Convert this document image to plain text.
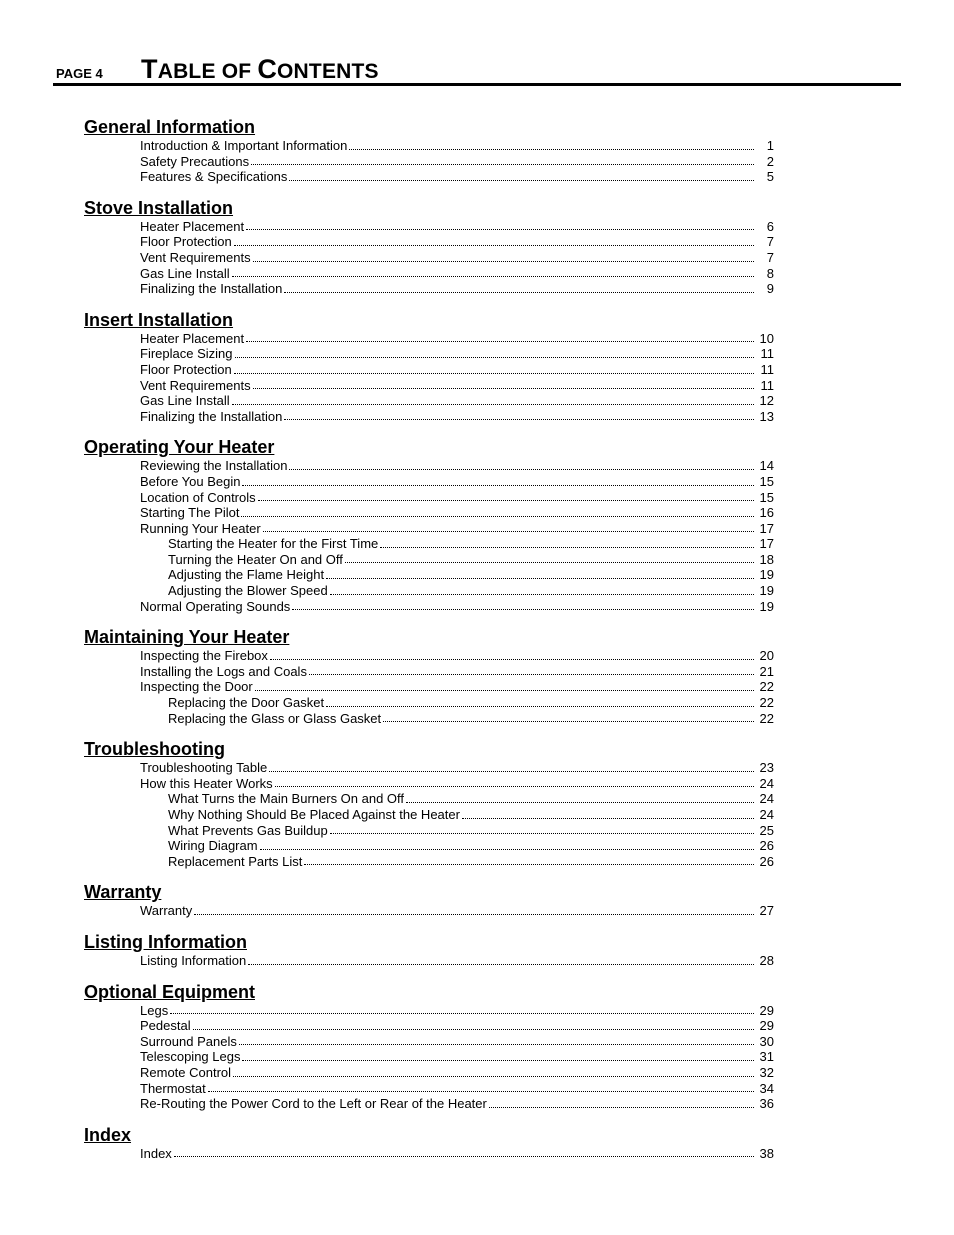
PAGE 4 TABLE OF CONTENTS
General Information
Introduction & Important Information	1
Safety Precautions	2
Features & Specifications	5
Stove Installation
Heater Placement	6
Floor Protection	7
Vent Requirements	7
Gas Line Install	8
Finalizing the Installation	9
Insert Installation
Heater Placement	10
Fireplace Sizing	11
Floor Protection	11
Vent Requirements	11
Gas Line Install	12
Finalizing the Installation	13
Operating Your Heater
Reviewing the Installation	14
Before You Begin	15
Location of Controls	15
Starting The Pilot	16
Running Your Heater	17
Starting the Heater for the First Time	17
Turning the Heater On and Off	18
Adjusting the Flame Height	19
Adjusting the Blower Speed	19
Normal Operating Sounds	19
Maintaining Your Heater
Inspecting the Firebox	20
Installing the Logs and Coals	21
Inspecting the Door	22
Replacing the Door Gasket	22
Replacing the Glass or Glass Gasket	22
Troubleshooting
Troubleshooting Table	23
How this Heater Works	24
What Turns the Main Burners On and Off	24
Why Nothing Should Be Placed Against the Heater	24
What Prevents Gas Buildup	25
Wiring Diagram	26
Replacement Parts List	26
Warranty
Warranty	27
Listing Information
Listing Information	28
Optional Equipment
Legs	29
Pedestal	29
Surround Panels	30
Telescoping Legs	31
Remote Control	32
Thermostat	34
Re-Routing the Power Cord to the Left or Rear of the Heater	36
Index
Index	38
